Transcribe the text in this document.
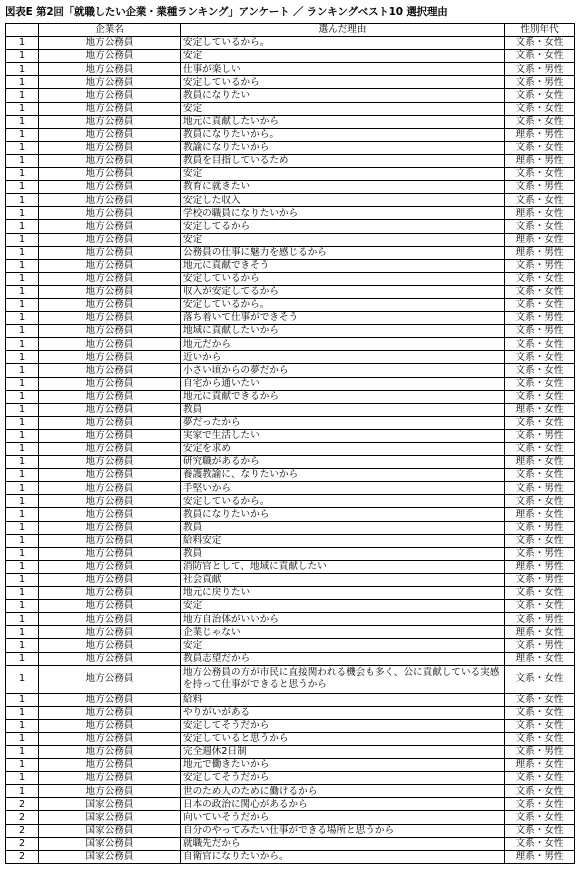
図表E 第2回「就職したい企業・業種ランキング」アンケート ／ ランキングベスト10 選択理由
	企業名	選んだ理由	性別年代
1	地方公務員	安定しているから。	文系・女性
1	地方公務員	安定	文系・女性
1	地方公務員	仕事が楽しい	文系・男性
1	地方公務員	安定しているから	文系・男性
1	地方公務員	教員になりたい	文系・女性
1	地方公務員	安定	文系・女性
1	地方公務員	地元に貢献したいから	文系・女性
1	地方公務員	教員になりたいから。	理系・男性
1	地方公務員	教諭になりたいから	文系・女性
1	地方公務員	教員を目指しているため	理系・男性
1	地方公務員	安定	文系・女性
1	地方公務員	教育に就きたい	文系・男性
1	地方公務員	安定した収入	文系・女性
1	地方公務員	学校の職員になりたいから	理系・女性
1	地方公務員	安定してるから	文系・女性
1	地方公務員	安定	理系・女性
1	地方公務員	公務員の仕事に魅力を感じるから	理系・男性
1	地方公務員	地元に貢献できそう	文系・男性
1	地方公務員	安定しているから	文系・女性
1	地方公務員	収入が安定してるから	文系・女性
1	地方公務員	安定しているから。	文系・女性
1	地方公務員	落ち着いて仕事ができそう	文系・男性
1	地方公務員	地域に貢献したいから	文系・男性
1	地方公務員	地元だから	文系・女性
1	地方公務員	近いから	文系・女性
1	地方公務員	小さい頃からの夢だから	文系・女性
1	地方公務員	自宅から通いたい	文系・女性
1	地方公務員	地元に貢献できるから	文系・女性
1	地方公務員	教員	理系・女性
1	地方公務員	夢だったから	文系・女性
1	地方公務員	実家で生活したい	文系・男性
1	地方公務員	安定を求め	文系・女性
1	地方公務員	研究職があるから	理系・女性
1	地方公務員	養護教諭に、なりたいから	文系・女性
1	地方公務員	手堅いから	文系・男性
1	地方公務員	安定しているから。	文系・女性
1	地方公務員	教員になりたいから	理系・女性
1	地方公務員	教員	文系・男性
1	地方公務員	給料安定	文系・女性
1	地方公務員	教員	文系・男性
1	地方公務員	消防官として、地域に貢献したい	理系・男性
1	地方公務員	社会貢献	文系・男性
1	地方公務員	地元に戻りたい	文系・女性
1	地方公務員	安定	文系・女性
1	地方公務員	地方自治体がいいから	文系・男性
1	地方公務員	企業じゃない	理系・女性
1	地方公務員	安定	文系・男性
1	地方公務員	教員志望だから	理系・女性
1	地方公務員	地方公務員の方が市民に直接関われる機会も多く、公に貢献している実感を持って仕事ができると思うから	文系・女性
1	地方公務員	給料	文系・女性
1	地方公務員	やりがいがある	文系・女性
1	地方公務員	安定してそうだから	文系・女性
1	地方公務員	安定していると思うから	文系・女性
1	地方公務員	完全週休2日制	文系・男性
1	地方公務員	地元で働きたいから	理系・女性
1	地方公務員	安定してそうだから	文系・女性
1	地方公務員	世のため人のために働けるから	文系・女性
2	国家公務員	日本の政治に関心があるから	文系・女性
2	国家公務員	向いていそうだから	文系・女性
2	国家公務員	自分のやってみたい仕事ができる場所と思うから	文系・女性
2	国家公務員	就職先だから	文系・女性
2	国家公務員	自衛官になりたいから。	理系・男性
